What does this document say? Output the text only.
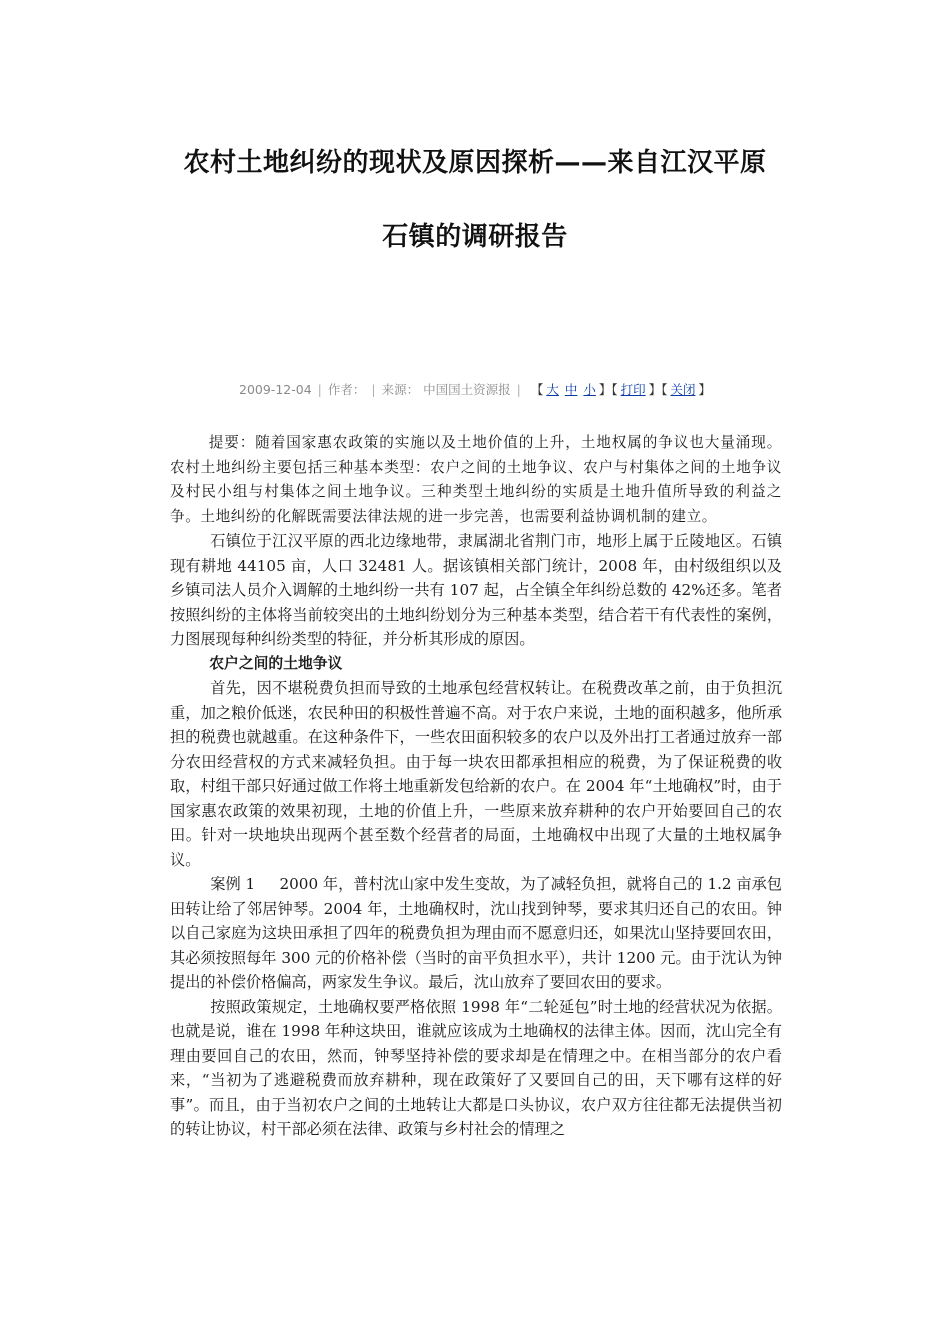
农村土地纠纷的现状及原因探析——来自江汉平原
石镇的调研报告
2009-12-04 | 作者： | 来源： 中国国土资源报 | 【 大 中 小 】【 打印 】【 关闭 】

提要：随着国家惠农政策的实施以及土地价值的上升，土地权属的争议也大量涌现。农村土地纠纷主要包括三种基本类型：农户之间的土地争议、农户与村集体之间的土地争议及村民小组与村集体之间土地争议。三种类型土地纠纷的实质是土地升值所导致的利益之争。土地纠纷的化解既需要法律法规的进一步完善，也需要利益协调机制的建立。

石镇位于江汉平原的西北边缘地带，隶属湖北省荆门市，地形上属于丘陵地区。石镇现有耕地 44105 亩，人口 32481 人。据该镇相关部门统计，2008 年，由村级组织以及乡镇司法人员介入调解的土地纠纷一共有 107 起，占全镇全年纠纷总数的 42%还多。笔者按照纠纷的主体将当前较突出的土地纠纷划分为三种基本类型，结合若干有代表性的案例，力图展现每种纠纷类型的特征，并分析其形成的原因。

农户之间的土地争议

首先，因不堪税费负担而导致的土地承包经营权转让。在税费改革之前，由于负担沉重，加之粮价低迷，农民种田的积极性普遍不高。对于农户来说，土地的面积越多，他所承担的税费也就越重。在这种条件下，一些农田面积较多的农户以及外出打工者通过放弃一部分农田经营权的方式来减轻负担。由于每一块农田都承担相应的税费，为了保证税费的收取，村组干部只好通过做工作将土地重新发包给新的农户。在 2004 年“土地确权”时，由于国家惠农政策的效果初现，土地的价值上升，一些原来放弃耕种的农户开始要回自己的农田。针对一块地块出现两个甚至数个经营者的局面，土地确权中出现了大量的土地权属争议。

案例 1 2000 年，普村沈山家中发生变故，为了减轻负担，就将自己的 1.2 亩承包田转让给了邻居钟琴。2004 年，土地确权时，沈山找到钟琴，要求其归还自己的农田。钟以自己家庭为这块田承担了四年的税费负担为理由而不愿意归还，如果沈山坚持要回农田，其必须按照每年 300 元的价格补偿（当时的亩平负担水平），共计 1200 元。由于沈认为钟提出的补偿价格偏高，两家发生争议。最后，沈山放弃了要回农田的要求。

按照政策规定，土地确权要严格依照 1998 年“二轮延包”时土地的经营状况为依据。也就是说，谁在 1998 年种这块田，谁就应该成为土地确权的法律主体。因而，沈山完全有理由要回自己的农田，然而，钟琴坚持补偿的要求却是在情理之中。在相当部分的农户看来，“当初为了逃避税费而放弃耕种，现在政策好了又要回自己的田，天下哪有这样的好事”。而且，由于当初农户之间的土地转让大都是口头协议，农户双方往往都无法提供当初的转让协议，村干部必须在法律、政策与乡村社会的情理之
